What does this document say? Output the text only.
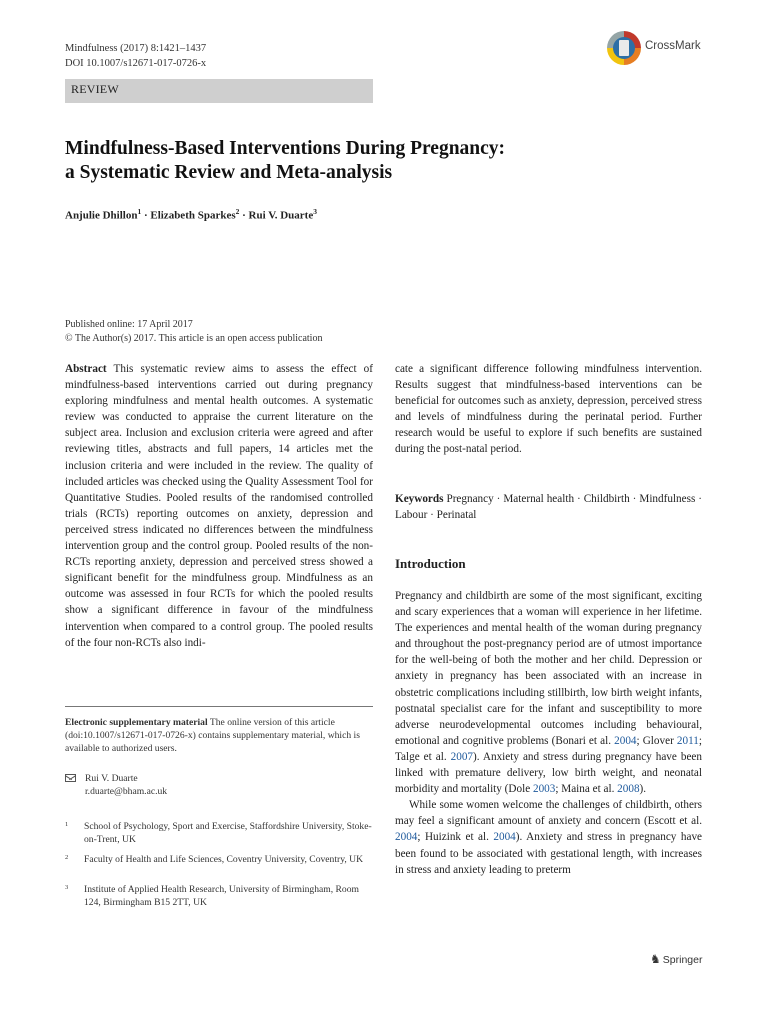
Mindfulness (2017) 8:1421–1437
DOI 10.1007/s12671-017-0726-x
CrossMark
REVIEW
Mindfulness-Based Interventions During Pregnancy:
a Systematic Review and Meta-analysis
Anjulie Dhillon$^1$ · Elizabeth Sparkes$^2$ · Rui V. Duarte$^3$
Published online: 17 April 2017
© The Author(s) 2017. This article is an open access publication
Abstract This systematic review aims to assess the effect of mindfulness-based interventions carried out during pregnancy exploring mindfulness and mental health outcomes. A systematic review was conducted to appraise the current literature on the subject area. Inclusion and exclusion criteria were agreed and after reviewing titles, abstracts and full papers, 14 articles met the inclusion criteria and were included in the review. The quality of included articles was checked using the Quality Assessment Tool for Quantitative Studies. Pooled results of the randomised controlled trials (RCTs) reporting outcomes on anxiety, depression and perceived stress indicated no differences between the mindfulness intervention group and the control group. Pooled results of the non-RCTs reporting anxiety, depression and perceived stress showed a significant benefit for the mindfulness group. Mindfulness as an outcome was assessed in four RCTs for which the pooled results show a significant difference in favour of the mindfulness intervention when compared to a control group. The pooled results of the four non-RCTs also indi-
cate a significant difference following mindfulness intervention. Results suggest that mindfulness-based interventions can be beneficial for outcomes such as anxiety, depression, perceived stress and levels of mindfulness during the perinatal period. Further research would be useful to explore if such benefits are sustained during the post-natal period.
Keywords Pregnancy · Maternal health · Childbirth · Mindfulness · Labour · Perinatal
Introduction

Pregnancy and childbirth are some of the most significant, exciting and scary experiences that a woman will experience in her lifetime. The experiences and mental health of the woman during pregnancy and throughout the post-pregnancy period are of utmost importance for the well-being of both the mother and her child. Depression or anxiety in pregnancy has been associated with an increase in obstetric complications including stillbirth, low birth weight infants, postnatal specialist care for the infant and susceptibility to more adverse neurodevelopmental outcomes including behavioural, emotional and cognitive problems (Bonari et al. 2004; Glover 2011; Talge et al. 2007). Anxiety and stress during pregnancy have been linked with premature delivery, low birth weight, and neonatal morbidity and mortality (Dole 2003; Maina et al. 2008).

While some women welcome the challenges of childbirth, others may feel a significant amount of anxiety and concern (Escott et al. 2004; Huizink et al. 2004). Anxiety and stress in pregnancy have been found to be associated with gestational length, with increases in stress and anxiety leading to preterm

Electronic supplementary material The online version of this article (doi:10.1007/s12671-017-0726-x) contains supplementary material, which is available to authorized users.
Rui V. Duarte
r.duarte@bham.ac.uk
1 School of Psychology, Sport and Exercise, Staffordshire University, Stoke-on-Trent, UK
2 Faculty of Health and Life Sciences, Coventry University, Coventry, UK
3 Institute of Applied Health Research, University of Birmingham, Room 124, Birmingham B15 2TT, UK
♞ Springer
